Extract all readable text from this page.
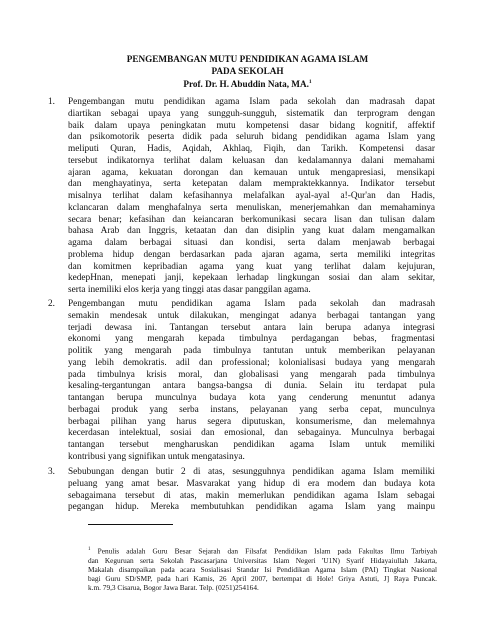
PENGEMBANGAN MUTU PENDIDIKAN AGAMA ISLAM
PADA SEKOLAH
Prof. Dr. H. Abuddin Nata, MA.$^1$
1. Pengembangan mutu pendidikan agama Islam pada sekolah dan madrasah dapat
diartikan sebagai upaya yang sungguh-sungguh, sistematik dan terprogram dengan
baik dalam upaya peningkatan mutu kompetensi dasar bidang kognitif, affektif
dan psikomotorik peserta didik pada seluruh bidang pendidikan agama Islam yang
meliputi Quran, Hadis, Aqidah, Akhlaq, Fiqih, dan Tarikh. Kompetensi dasar
tersebut indikatornya terlihat dalam keluasan dan kedalamannya dalani memahami
ajaran agama, kekuatan dorongan dan kemauan untuk mengapresiasi, mensikapi
dan menghayatinya, serta ketepatan dalam mempraktekkannya. Indikator tersebut
misalnya terlihat dalam kefasihannya melafalkan ayal-ayal a!-Qur'an dan Hadis,
kclancaran dalam menghafalnya serta menuliskan, menerjemahkan dan memahaminya
secara benar; kefasihan dan keiancaran berkomunikasi secara lisan dan tulisan dalam
bahasa Arab dan Inggris, ketaatan dan dan disiplin yang kuat dalam mengamalkan
agama dalam berbagai situasi dan kondisi, serta dalam menjawab berbagai
problema hidup dengan berdasarkan pada ajaran agama, serta memiliki integritas
dan komitmen kepribadian agama yang kuat yang terlihat dalam kejujuran,
kedepHnan, menepati janji, kepekaan lerhadap lingkungan sosiai dan alam sekitar,
serta inemiliki elos kerja yang tinggi atas dasar panggilan agama.
2. Pengembangan mutu pendidikan agama Islam pada sekolah dan madrasah
semakin mendesak untuk dilakukan, mengingat adanya berbagai tantangan yang
terjadi dewasa ini. Tantangan tersebut antara lain berupa adanya integrasi
ekonomi yang mengarah kepada timbulnya perdagangan bebas, fragmentasi
politik yang mengarah pada timbulnya tantutan untuk memberikan pelayanan
yang lebih demokratis. adil dan professional; kolonialisasi budaya yang mengarah
pada timbulnya krisis moral, dan globalisasi yang mengarah pada timbulnya
kesaling-tergantungan antara bangsa-bangsa di dunia. Selain itu terdapat pula
tantangan berupa munculnya budaya kota yang cenderung menuntut adanya
berbagai produk yang serba instans, pelayanan yang serba cepat, munculnya
berbagai pilihan yang harus segera diputuskan, konsumerisme, dan melemahnya
kecerdasan intelektual, sosiai dan emosional, dan sebagainya. Munculnya berbagai
tantangan tersebut mengharuskan pendidikan agama Islam untuk memiliki
kontribusi yang signifikan untuk mengatasinya.
3. Sebubungan dengan butir 2 di atas, sesungguhnya pendidikan agama Islam memiliki
peluang yang amat besar. Masvarakat yang hidup di era modem dan budaya kota
sebagaimana tersebut di atas, makin memerlukan pendidikan agama Islam sebagai
pegangan hidup. Mereka membutuhkan pendidikan agama Islam yang mainpu
$^1$ Penulis adalah Guru Besar Sejarah dan Filsafat Pendidikan Islam pada Fakultas Ilmu Tarbiyah
dan Keguruan serta Sekolah Pascasarjana Universitas Islam Negeri 'U1N) Syarif Hidayaiullah Jakarta,
Makalah disampaikan pada acara Sosialisasi Standar Isi Pendidikan Agama Islam (PAI) Tingkat Nasional
bagi Guru SD/SMP, pada h.ari Kamis, 26 April 2007, bertempat di Hole! Griya Astuti, J] Raya Puncak.
k.m. 79,3 Cisarua, Bogor Jawa Barat. Telp. (0251)254164.
